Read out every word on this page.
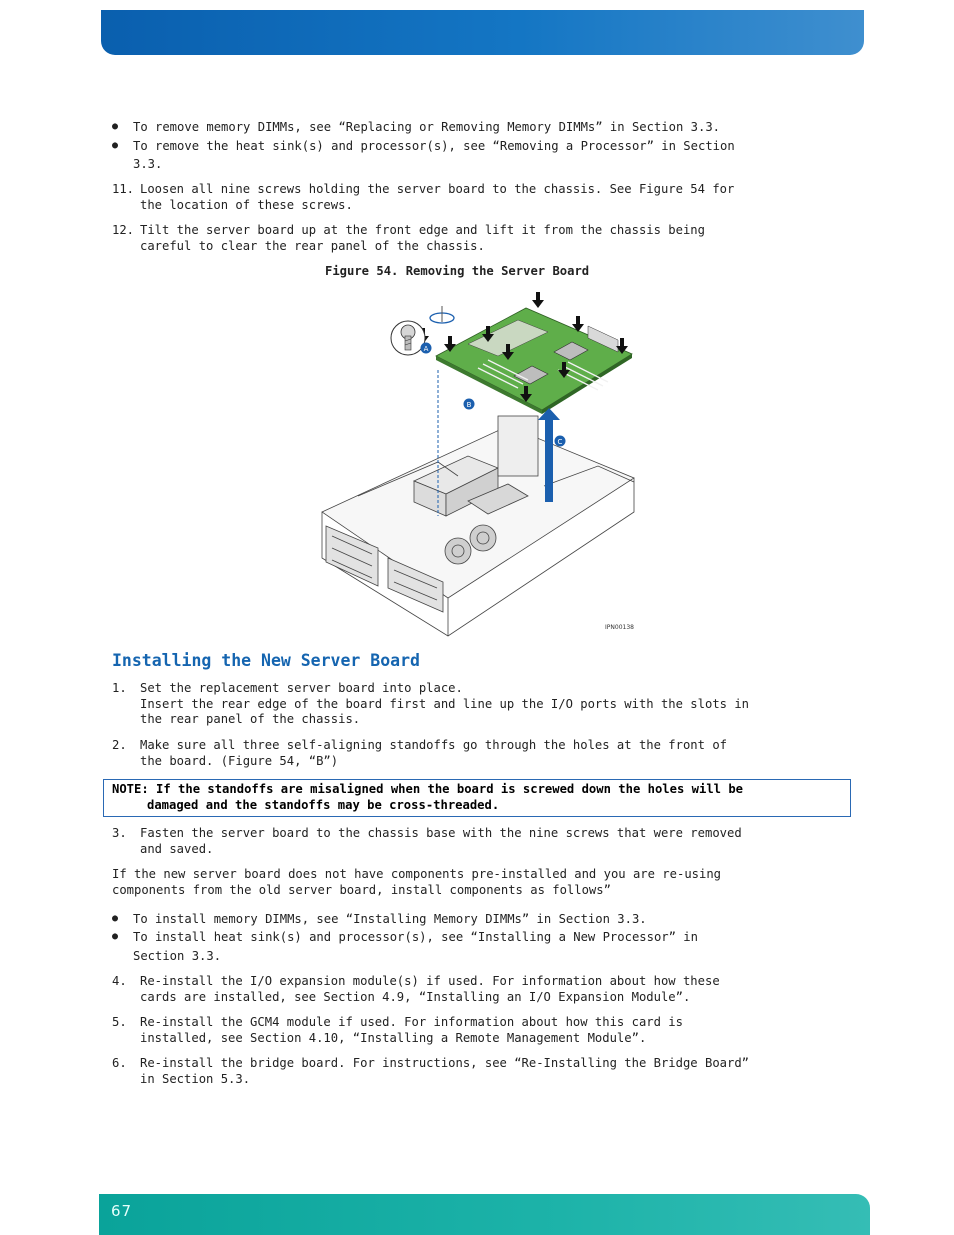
● To remove memory DIMMs, see “Replacing or Removing Memory DIMMs” in Section 3.3.
● To remove the heat sink(s) and processor(s), see “Removing a Processor” in Section
3.3.
11. Loosen all nine screws holding the server board to the chassis. See Figure 54 for
the location of these screws.
12. Tilt the server board up at the front edge and lift it from the chassis being
careful to clear the rear panel of the chassis.
Figure 54. Removing the Server Board
A
B
C
IPN00138
Installing the New Server Board
1. Set the replacement server board into place.
Insert the rear edge of the board first and line up the I/O ports with the slots in
the rear panel of the chassis.
2. Make sure all three self-aligning standoffs go through the holes at the front of
the board. (Figure 54, “B”)
NOTE: If the standoffs are misaligned when the board is screwed down the holes will be
damaged and the standoffs may be cross-threaded.
3. Fasten the server board to the chassis base with the nine screws that were removed
and saved.
If the new server board does not have components pre-installed and you are re-using
components from the old server board, install components as follows”
● To install memory DIMMs, see “Installing Memory DIMMs” in Section 3.3.
● To install heat sink(s) and processor(s), see “Installing a New Processor” in
Section 3.3.
4. Re-install the I/O expansion module(s) if used. For information about how these
cards are installed, see Section 4.9, “Installing an I/O Expansion Module”.
5. Re-install the GCM4 module if used. For information about how this card is
installed, see Section 4.10, “Installing a Remote Management Module”.
6. Re-install the bridge board. For instructions, see “Re-Installing the Bridge Board”
in Section 5.3.
67
